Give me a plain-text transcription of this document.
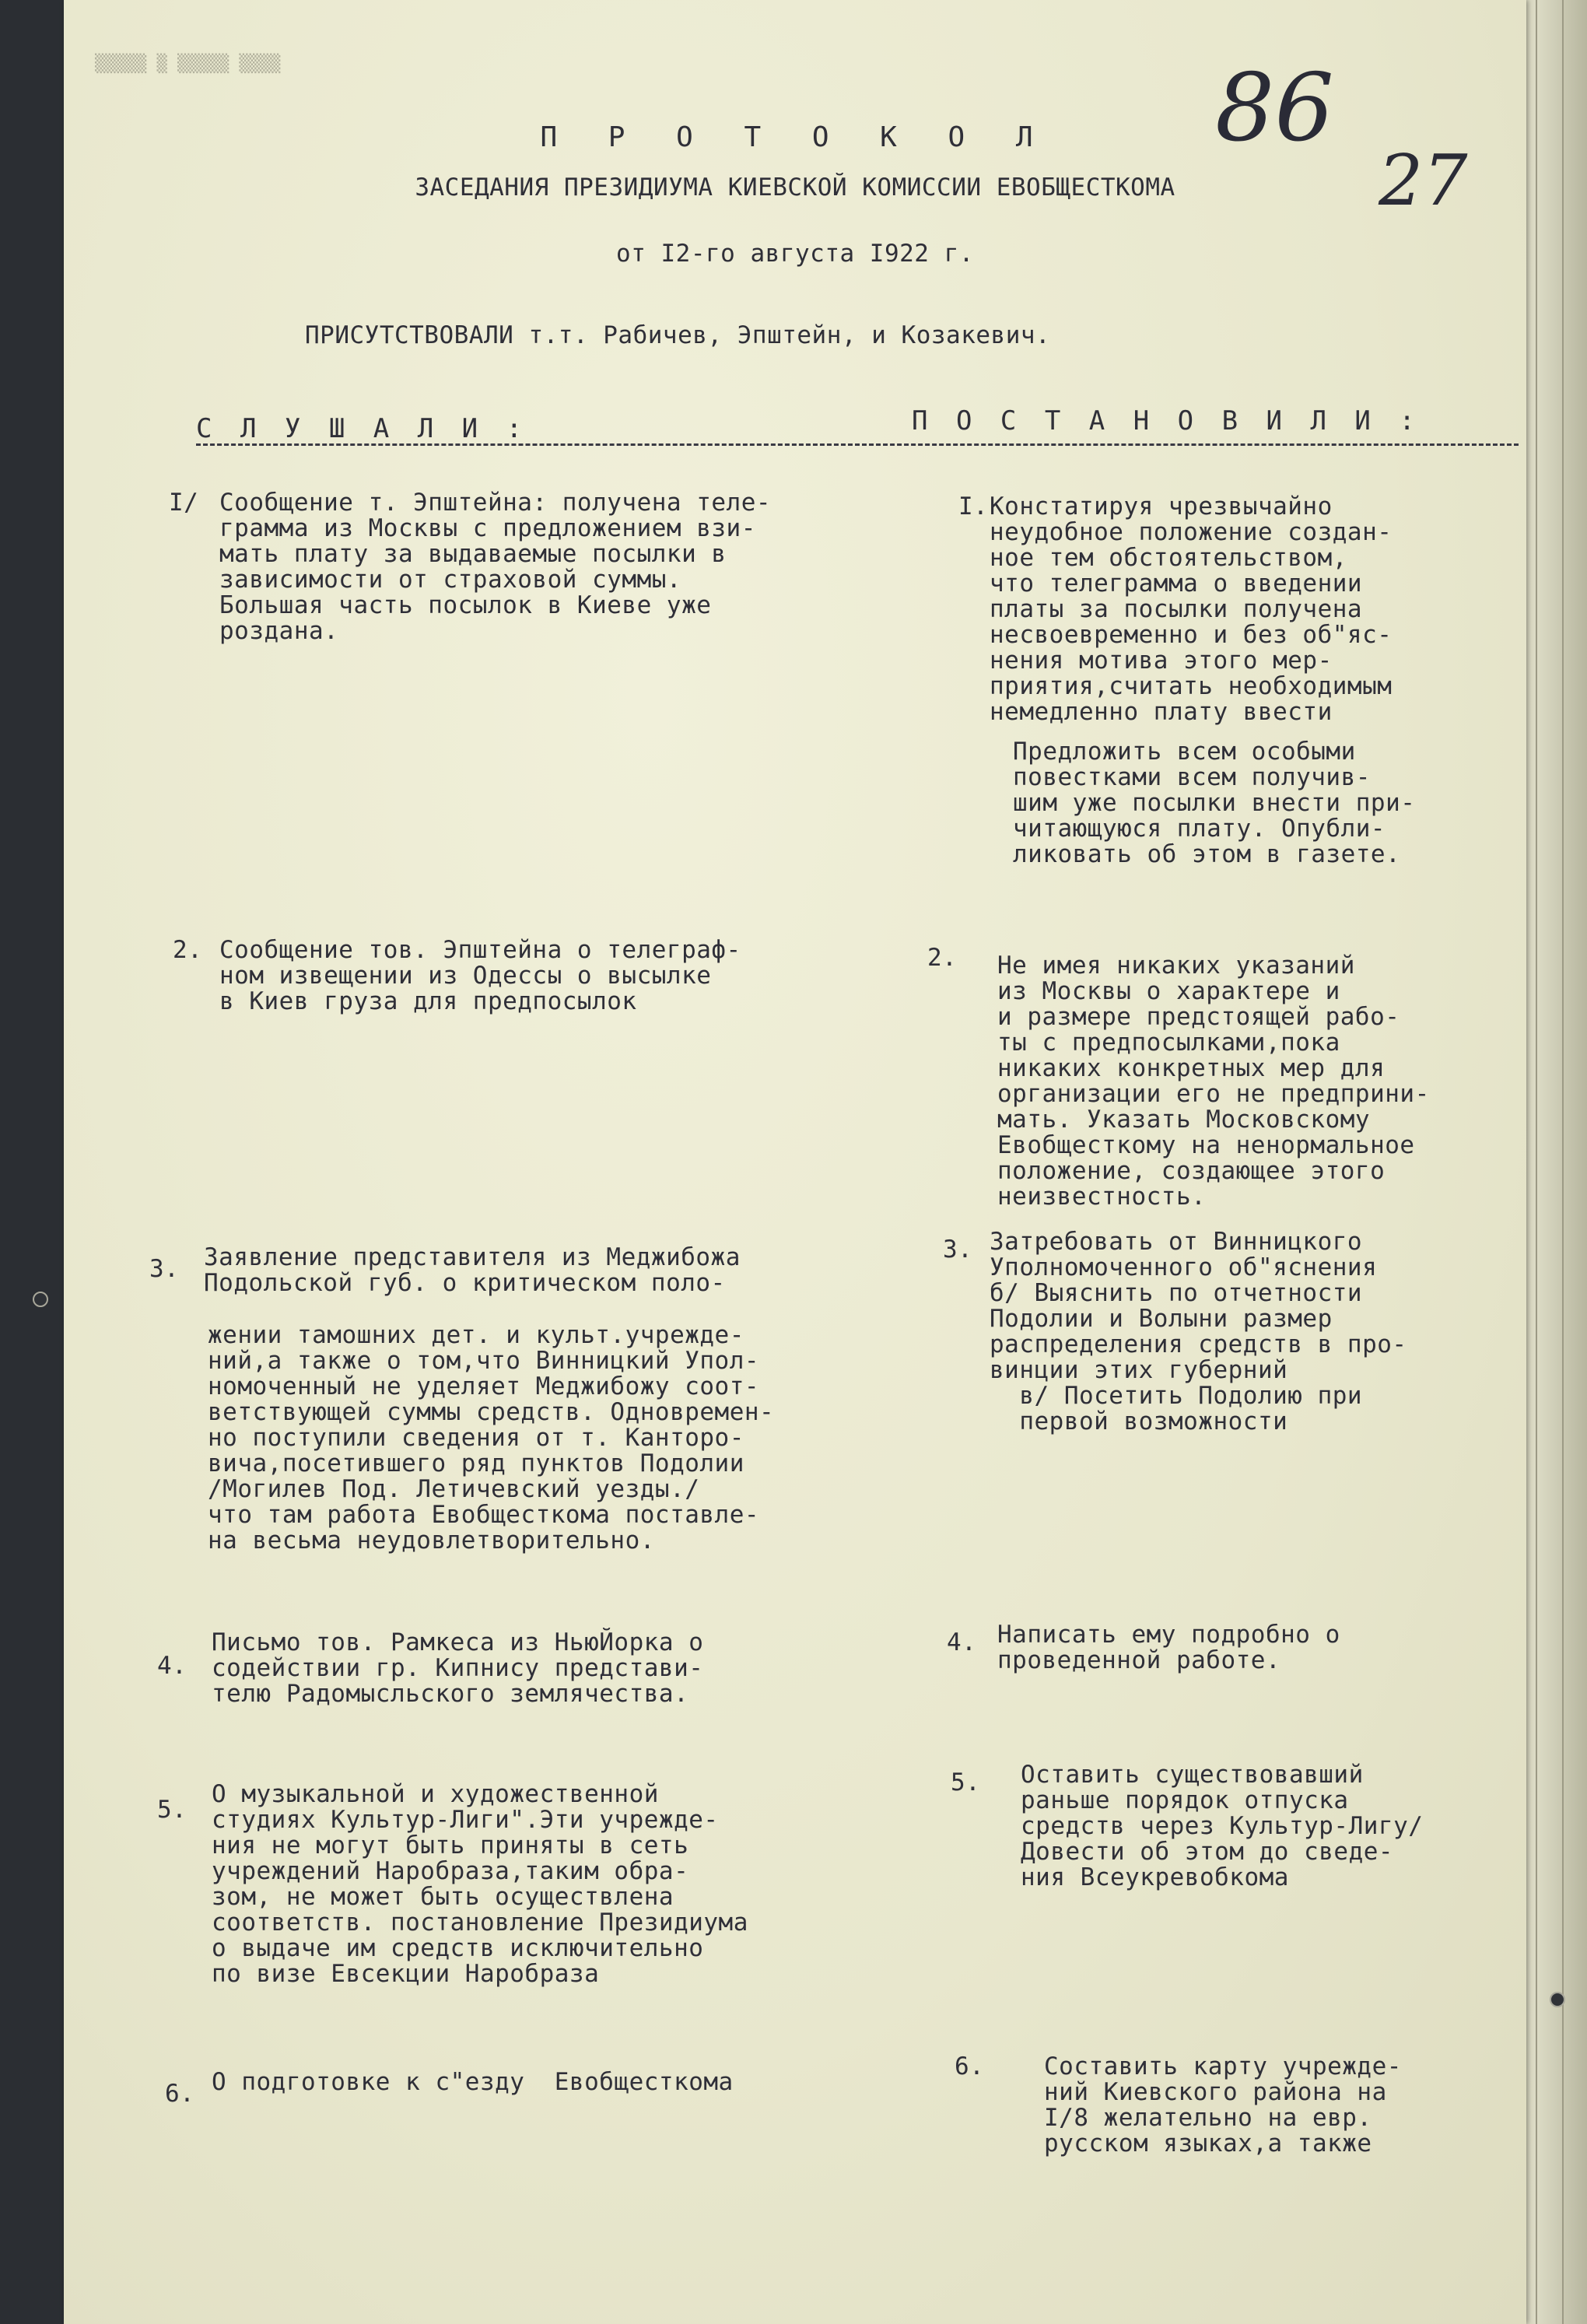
▒▒▒▒▒ ▒ ▒▒▒▒▒ ▒▒▒▒	86
27
П Р О Т О К О Л
ЗАСЕДАНИЯ ПРЕЗИДИУМА КИЕВСКОЙ КОМИССИИ ЕВОБЩЕСТКОМА
от I2-го августа I922 г.
ПРИСУТСТВОВАЛИ т.т. Рабичев, Эпштейн, и Козакевич.
С Л У Ш А Л И :	П О С Т А Н О В И Л И :
I/ Сообщение т. Эпштейна: получена теле-
грамма из Москвы с предложением взи-
мать плату за выдаваемые посылки в
зависимости от страховой суммы.
Большая часть посылок в Киеве уже
роздана.
I. Констатируя чрезвычайно
неудобное положение создан-
ное тем обстоятельством,
что телеграмма о введении
платы за посылки получена
несвоевременно и без об"яс-
нения мотива этого мер-
приятия,считать необходимым
немедленно плату ввести
Предложить всем особыми
повестками всем получив-
шим уже посылки внести при-
читающуюся плату. Опубли-
ликовать об этом в газете.
2. Сообщение тов. Эпштейна о телеграф-
ном извещении из Одессы о высылке
в Киев груза для предпосылок
2. Не имея никаких указаний
из Москвы о характере и
и размере предстоящей рабо-
ты с предпосылками,пока
никаких конкретных мер для
организации его не предприни-
мать. Указать Московскому
Евобщесткому на ненормальное
положение, создающее этого
неизвестность.
3. Заявление представителя из Меджибожа
Подольской губ. о критическом поло-
жении тамошних дет. и культ.учрежде-
ний,а также о том,что Винницкий Упол-
номоченный не уделяет Меджибожу соот-
ветствующей суммы средств. Одновремен-
но поступили сведения от т. Канторо-
вича,посетившего ряд пунктов Подолии
/Могилев Под. Летичевский уезды./
что там работа Евобщесткома поставле-
на весьма неудовлетворительно.
3. Затребовать от Винницкого
Уполномоченного об"яснения
б/ Выяснить по отчетности
Подолии и Волыни размер
распределения средств в про-
винции этих губерний
в/ Посетить Подолию при
первой возможности
4.
Письмо тов. Рамкеса из НьюЙорка о
содействии гр. Кипнису представи-
телю Радомысльского землячества.
4. Написать ему подробно о
проведенной работе.
5.
О музыкальной и художественной
студиях Культур-Лиги".Эти учрежде-
ния не могут быть приняты в сеть
учреждений Наробраза,таким обра-
зом, не может быть осуществлена
соответств. постановление Президиума
о выдаче им средств исключительно
по визе Евсекции Наробраза
5. Оставить существовавший
раньше порядок отпуска
средств через Культур-Лигу/
Довести об этом до сведе-
ния Всеукревобкома
6. О подготовке к с"езду  Евобщесткома
6. Составить карту учрежде-
ний Киевского района на
I/8 желательно на евр.
русском языках,а также
